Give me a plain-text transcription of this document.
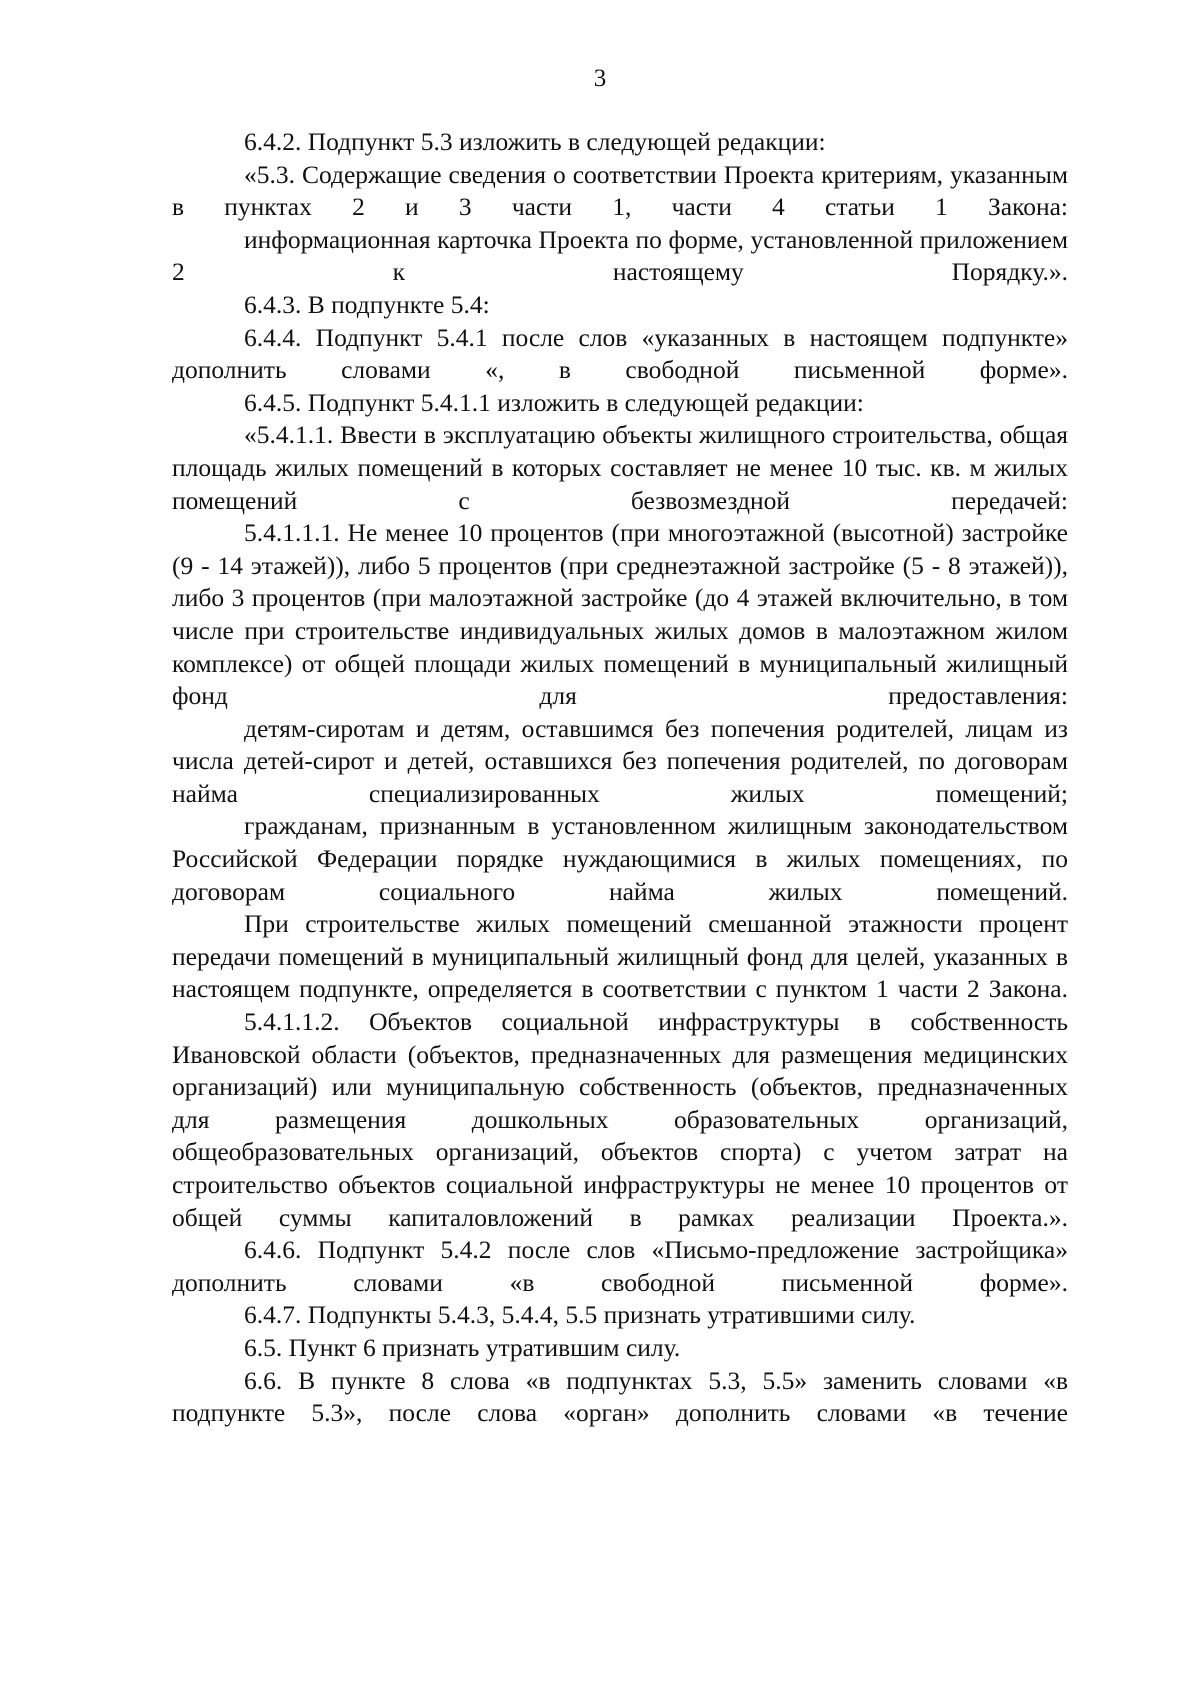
3

6.4.2. Подпункт 5.3 изложить в следующей редакции:

«5.3. Содержащие сведения о соответствии Проекта критериям, указанным в пунктах 2 и 3 части 1, части 4 статьи 1 Закона:

информационная карточка Проекта по форме, установленной приложением 2 к настоящему Порядку.».

6.4.3. В подпункте 5.4:

6.4.4. Подпункт 5.4.1 после слов «указанных в настоящем подпункте» дополнить словами «, в свободной письменной форме».

6.4.5. Подпункт 5.4.1.1 изложить в следующей редакции:

«5.4.1.1. Ввести в эксплуатацию объекты жилищного строительства, общая площадь жилых помещений в которых составляет не менее 10 тыс. кв. м жилых помещений с безвозмездной передачей:

5.4.1.1.1. Не менее 10 процентов (при многоэтажной (высотной) застройке (9 - 14 этажей)), либо 5 процентов (при среднеэтажной застройке (5 - 8 этажей)), либо 3 процентов (при малоэтажной застройке (до 4 этажей включительно, в том числе при строительстве индивидуальных жилых домов в малоэтажном жилом комплексе) от общей площади жилых помещений в муниципальный жилищный фонд для предоставления:

детям-сиротам и детям, оставшимся без попечения родителей, лицам из числа детей-сирот и детей, оставшихся без попечения родителей, по договорам найма специализированных жилых помещений;

гражданам, признанным в установленном жилищным законодательством Российской Федерации порядке нуждающимися в жилых помещениях, по договорам социального найма жилых помещений.

При строительстве жилых помещений смешанной этажности процент передачи помещений в муниципальный жилищный фонд для целей, указанных в настоящем подпункте, определяется в соответствии с пунктом 1 части 2 Закона.

5.4.1.1.2. Объектов социальной инфраструктуры в собственность Ивановской области (объектов, предназначенных для размещения медицинских организаций) или муниципальную собственность (объектов, предназначенных для размещения дошкольных образовательных организаций, общеобразовательных организаций, объектов спорта) с учетом затрат на строительство объектов социальной инфраструктуры не менее 10 процентов от общей суммы капиталовложений в рамках реализации Проекта.».

6.4.6. Подпункт 5.4.2 после слов «Письмо-предложение застройщика» дополнить словами «в свободной письменной форме».

6.4.7. Подпункты 5.4.3, 5.4.4, 5.5 признать утратившими силу.

6.5. Пункт 6 признать утратившим силу.

6.6. В пункте 8 слова «в подпунктах 5.3, 5.5» заменить словами «в подпункте 5.3», после слова «орган» дополнить словами «в течение
